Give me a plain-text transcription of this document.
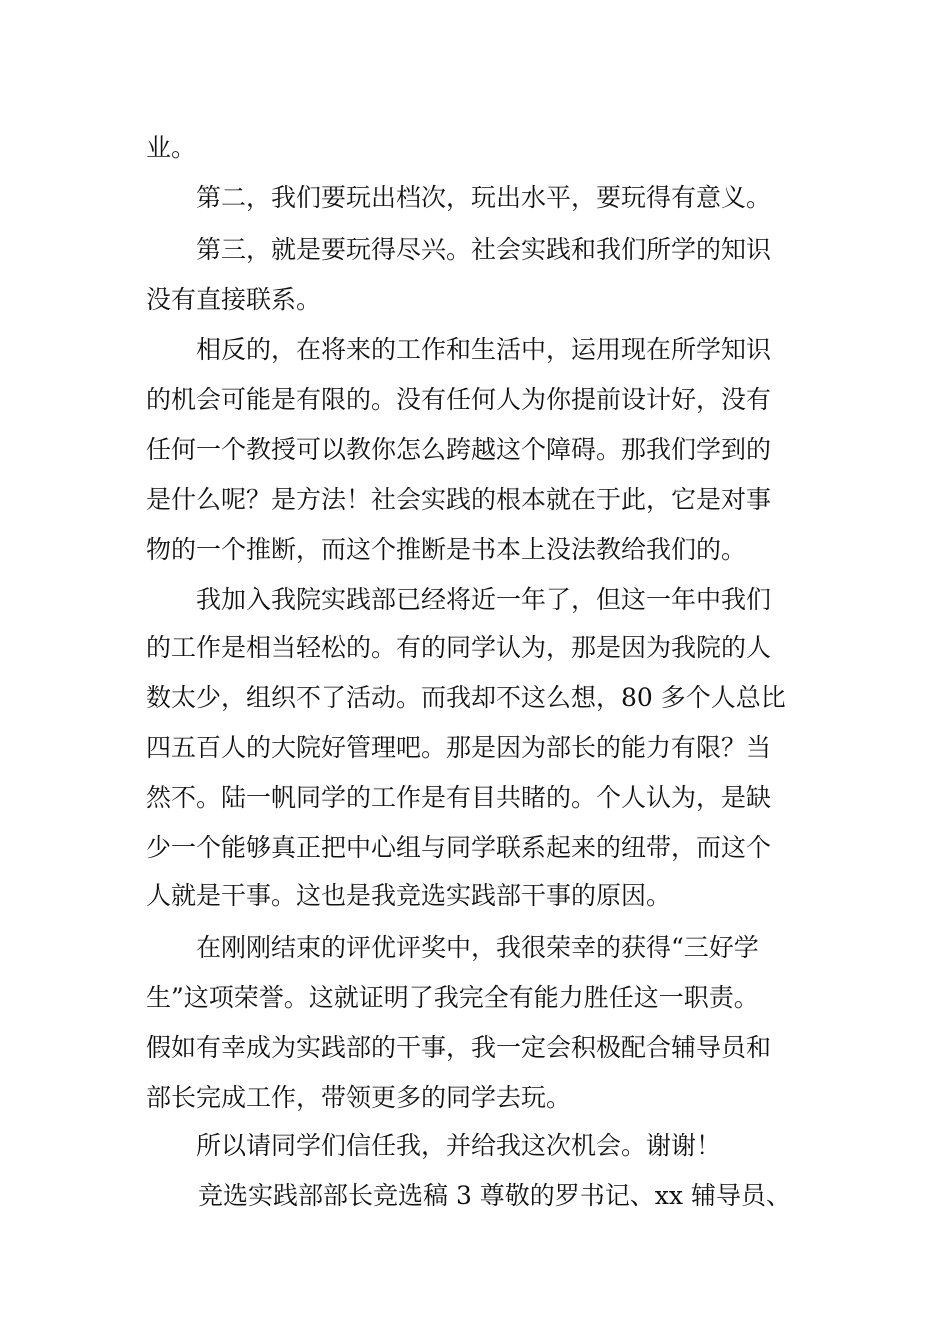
业。
第二，我们要玩出档次，玩出水平，要玩得有意义。
第三，就是要玩得尽兴。社会实践和我们所学的知识
没有直接联系。
相反的，在将来的工作和生活中，运用现在所学知识
的机会可能是有限的。没有任何人为你提前设计好，没有
任何一个教授可以教你怎么跨越这个障碍。那我们学到的
是什么呢？是方法！社会实践的根本就在于此，它是对事
物的一个推断，而这个推断是书本上没法教给我们的。
我加入我院实践部已经将近一年了，但这一年中我们
的工作是相当轻松的。有的同学认为，那是因为我院的人
数太少，组织不了活动。而我却不这么想，80 多个人总比
四五百人的大院好管理吧。那是因为部长的能力有限？当
然不。陆一帆同学的工作是有目共睹的。个人认为，是缺
少一个能够真正把中心组与同学联系起来的纽带，而这个
人就是干事。这也是我竞选实践部干事的原因。
在刚刚结束的评优评奖中，我很荣幸的获得“三好学
生”这项荣誉。这就证明了我完全有能力胜任这一职责。
假如有幸成为实践部的干事，我一定会积极配合辅导员和
部长完成工作，带领更多的同学去玩。
所以请同学们信任我，并给我这次机会。谢谢！
竞选实践部部长竞选稿 3 尊敬的罗书记、xx 辅导员、
